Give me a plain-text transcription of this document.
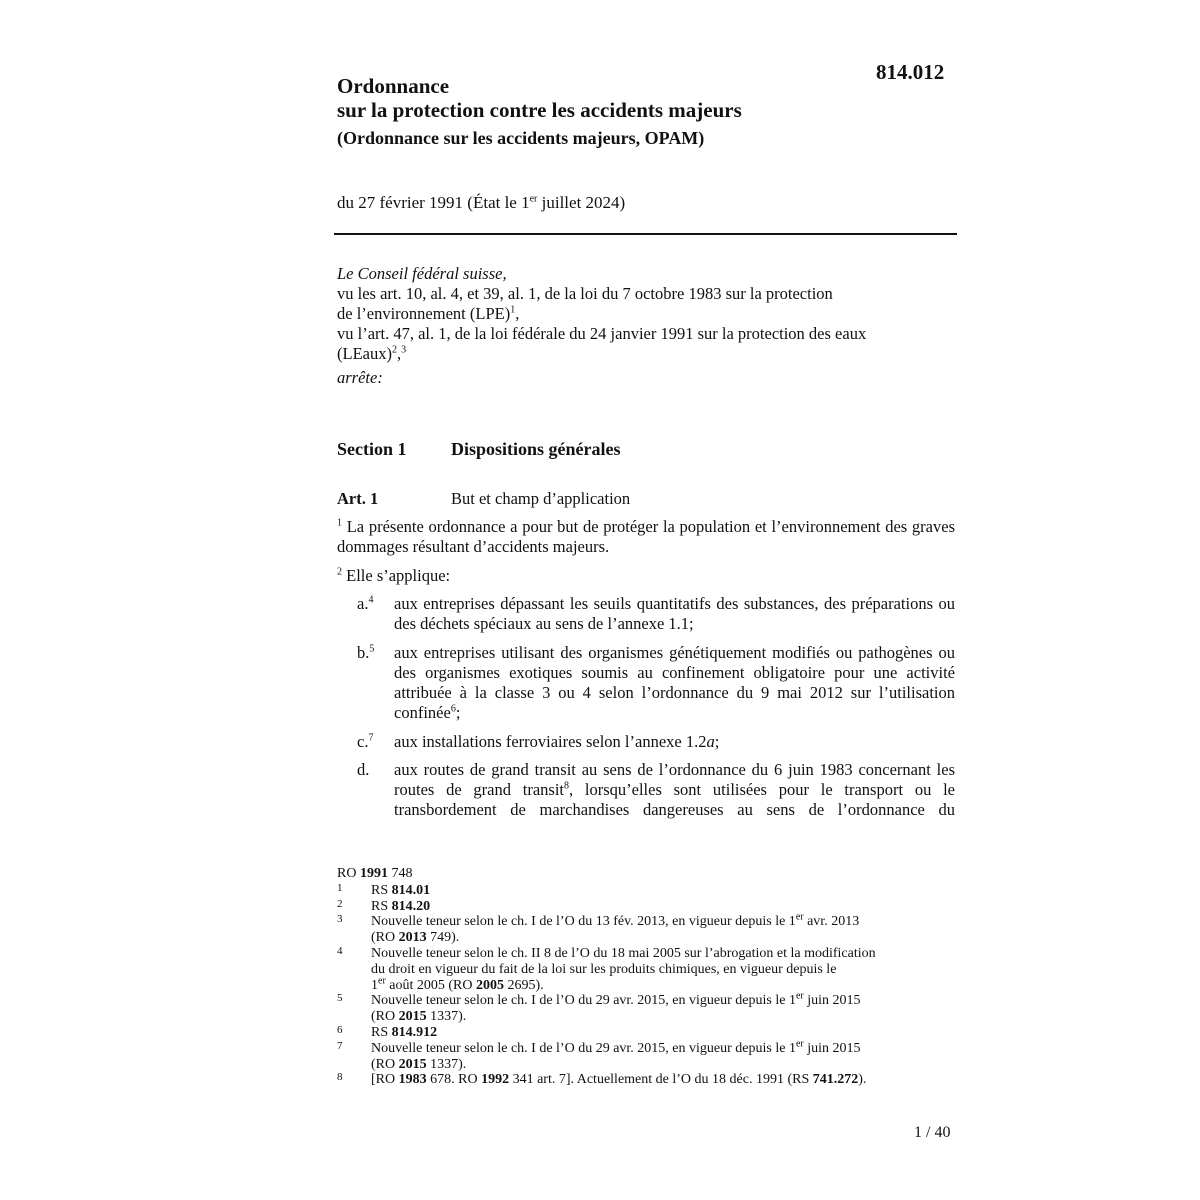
814.012
Ordonnance
sur la protection contre les accidents majeurs
(Ordonnance sur les accidents majeurs, OPAM)
du 27 février 1991 (État le 1er juillet 2024)

Le Conseil fédéral suisse,

vu les art. 10, al. 4, et 39, al. 1, de la loi du 7 octobre 1983 sur la protection

de l’environnement (LPE)$^1$,

vu l’art. 47, al. 1, de la loi fédérale du 24 janvier 1991 sur la protection des eaux

(LEaux)$^2$,$^3$

arrête:

Section 1 Dispositions générales
Art. 1	But et champ d’application
$^1$ La présente ordonnance a pour but de protéger la population et l’environnement des graves dommages résultant d’accidents majeurs.
$^2$ Elle s’applique:
a.$^4$	aux entreprises dépassant les seuils quantitatifs des substances, des préparations ou des déchets spéciaux au sens de l’annexe 1.1;
b.$^5$	aux entreprises utilisant des organismes génétiquement modifiés ou pathogènes ou des organismes exotiques soumis au confinement obligatoire pour une activité attribuée à la classe 3 ou 4 selon l’ordonnance du 9 mai 2012 sur l’utilisation confinée$^6$;
c.$^7$	aux installations ferroviaires selon l’annexe 1.2a;
d.	aux routes de grand transit au sens de l’ordonnance du 6 juin 1983 concernant les routes de grand transit$^8$, lorsqu’elles sont utilisées pour le transport ou le transbordement de marchandises dangereuses au sens de l’ordonnance du
RO 1991 748
1 RS 814.01
2 RS 814.20
3 Nouvelle teneur selon le ch. I de l’O du 13 fév. 2013, en vigueur depuis le 1er avr. 2013
(RO 2013 749).
4 Nouvelle teneur selon le ch. II 8 de l’O du 18 mai 2005 sur l’abrogation et la modification
du droit en vigueur du fait de la loi sur les produits chimiques, en vigueur depuis le
1er août 2005 (RO 2005 2695).
5 Nouvelle teneur selon le ch. I de l’O du 29 avr. 2015, en vigueur depuis le 1er juin 2015
(RO 2015 1337).
6 RS 814.912
7 Nouvelle teneur selon le ch. I de l’O du 29 avr. 2015, en vigueur depuis le 1er juin 2015
(RO 2015 1337).
8 [RO 1983 678. RO 1992 341 art. 7]. Actuellement de l’O du 18 déc. 1991 (RS 741.272).
1 / 40
